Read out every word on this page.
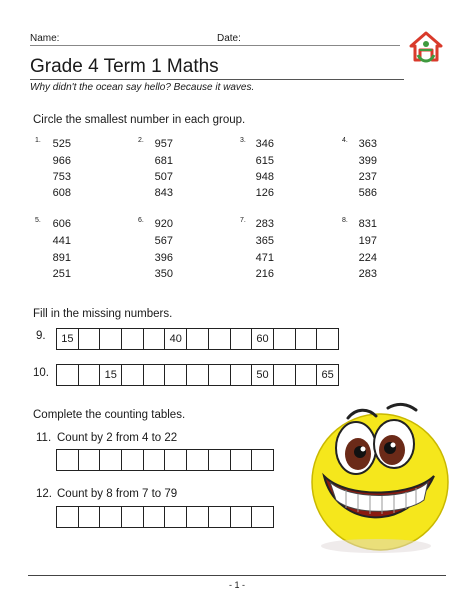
Name:	Date:
Grade 4 Term 1 Maths
Why didn't the ocean say hello? Because it waves.
Circle the smallest number in each group.
1.	525
966
753
608
2. 957
681
507
843
3. 346
615
948
126
4. 363
399
237
586
5.	606
441
891
251
6. 920
567
396
350
7. 283
365
471
216
8. 831
197
224
283
Fill in the missing numbers.
9.	15	40	60
10.	15	50	65
Complete the counting tables.
11. Count by 2 from 4 to 22
12. Count by 8 from 7 to 79
- 1 -
